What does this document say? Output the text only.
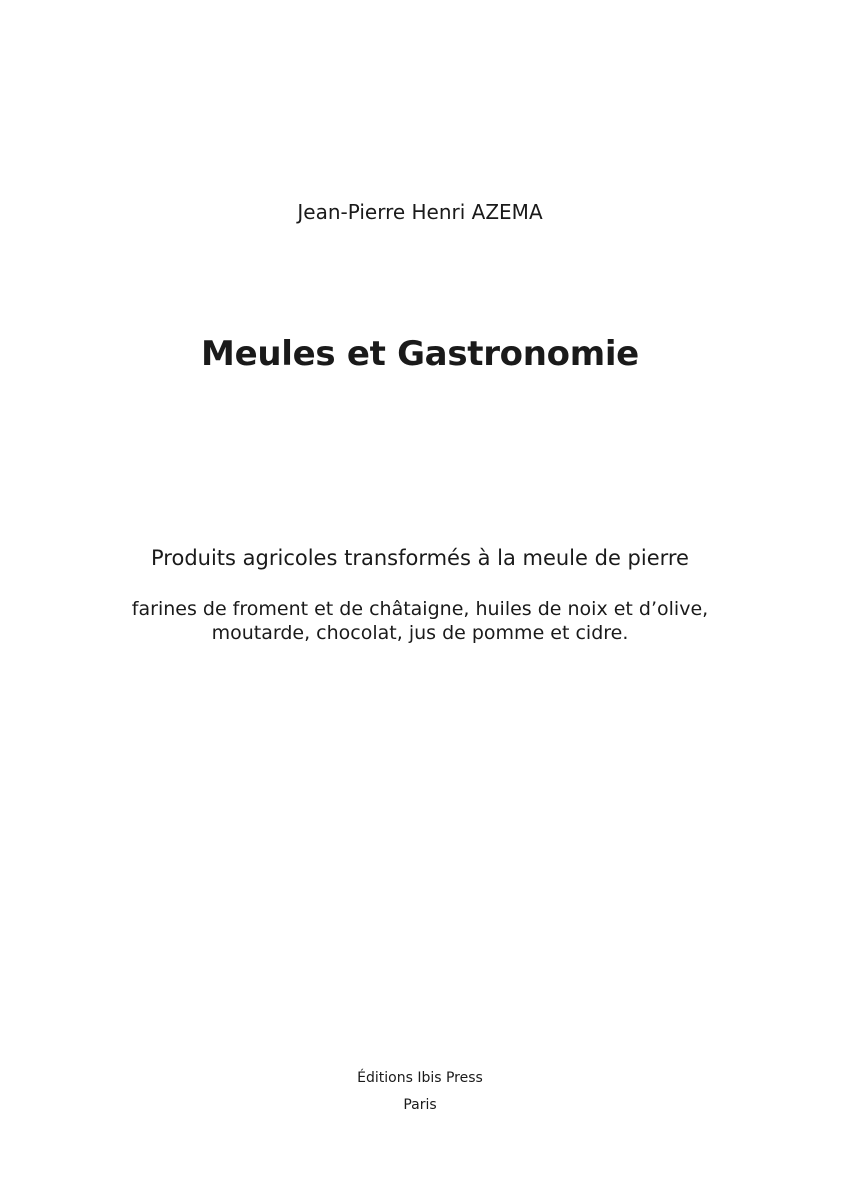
Jean-Pierre Henri AZEMA

Meules et Gastronomie

Produits agricoles transformés à la meule de pierre

farines de froment et de châtaigne, huiles de noix et d’olive,

moutarde, chocolat, jus de pomme et cidre.

Éditions Ibis Press

Paris
